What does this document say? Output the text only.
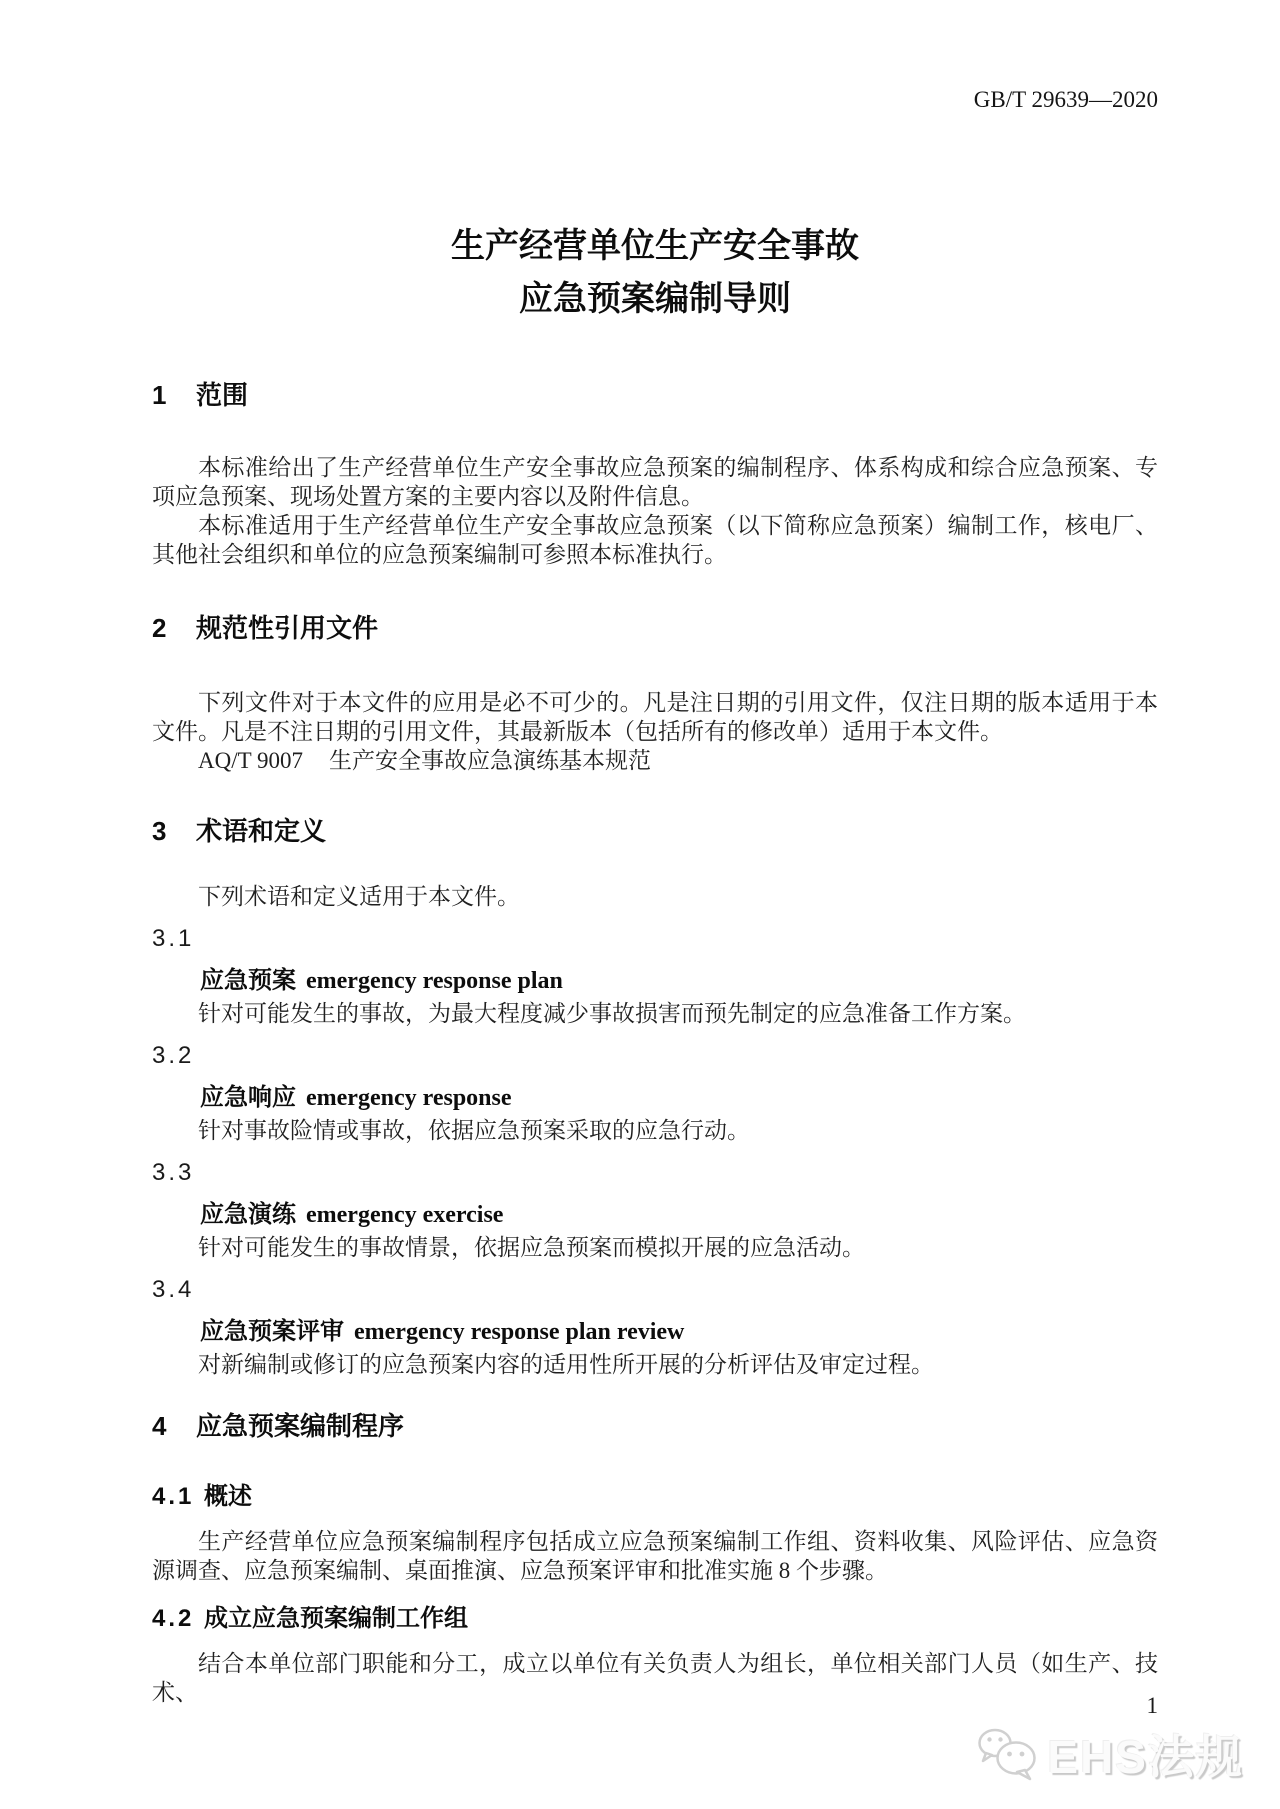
GB/T 29639—2020
生产经营单位生产安全事故
应急预案编制导则
1 范围

本标准给出了生产经营单位生产安全事故应急预案的编制程序、体系构成和综合应急预案、专项应急预案、现场处置方案的主要内容以及附件信息。

本标准适用于生产经营单位生产安全事故应急预案（以下简称应急预案）编制工作，核电厂、其他社会组织和单位的应急预案编制可参照本标准执行。

2 规范性引用文件

下列文件对于本文件的应用是必不可少的。凡是注日期的引用文件，仅注日期的版本适用于本文件。凡是不注日期的引用文件，其最新版本（包括所有的修改单）适用于本文件。

AQ/T 9007 生产安全事故应急演练基本规范
3 术语和定义
下列术语和定义适用于本文件。
3.1
应急预案 emergency response plan
针对可能发生的事故，为最大程度减少事故损害而预先制定的应急准备工作方案。
3.2
应急响应 emergency response
针对事故险情或事故，依据应急预案采取的应急行动。
3.3
应急演练 emergency exercise
针对可能发生的事故情景，依据应急预案而模拟开展的应急活动。
3.4
应急预案评审 emergency response plan review
对新编制或修订的应急预案内容的适用性所开展的分析评估及审定过程。
4 应急预案编制程序
4.1 概述

生产经营单位应急预案编制程序包括成立应急预案编制工作组、资料收集、风险评估、应急资源调查、应急预案编制、桌面推演、应急预案评审和批准实施 8 个步骤。

4.2 成立应急预案编制工作组

结合本单位部门职能和分工，成立以单位有关负责人为组长，单位相关部门人员（如生产、技术、

1
EHS法规
